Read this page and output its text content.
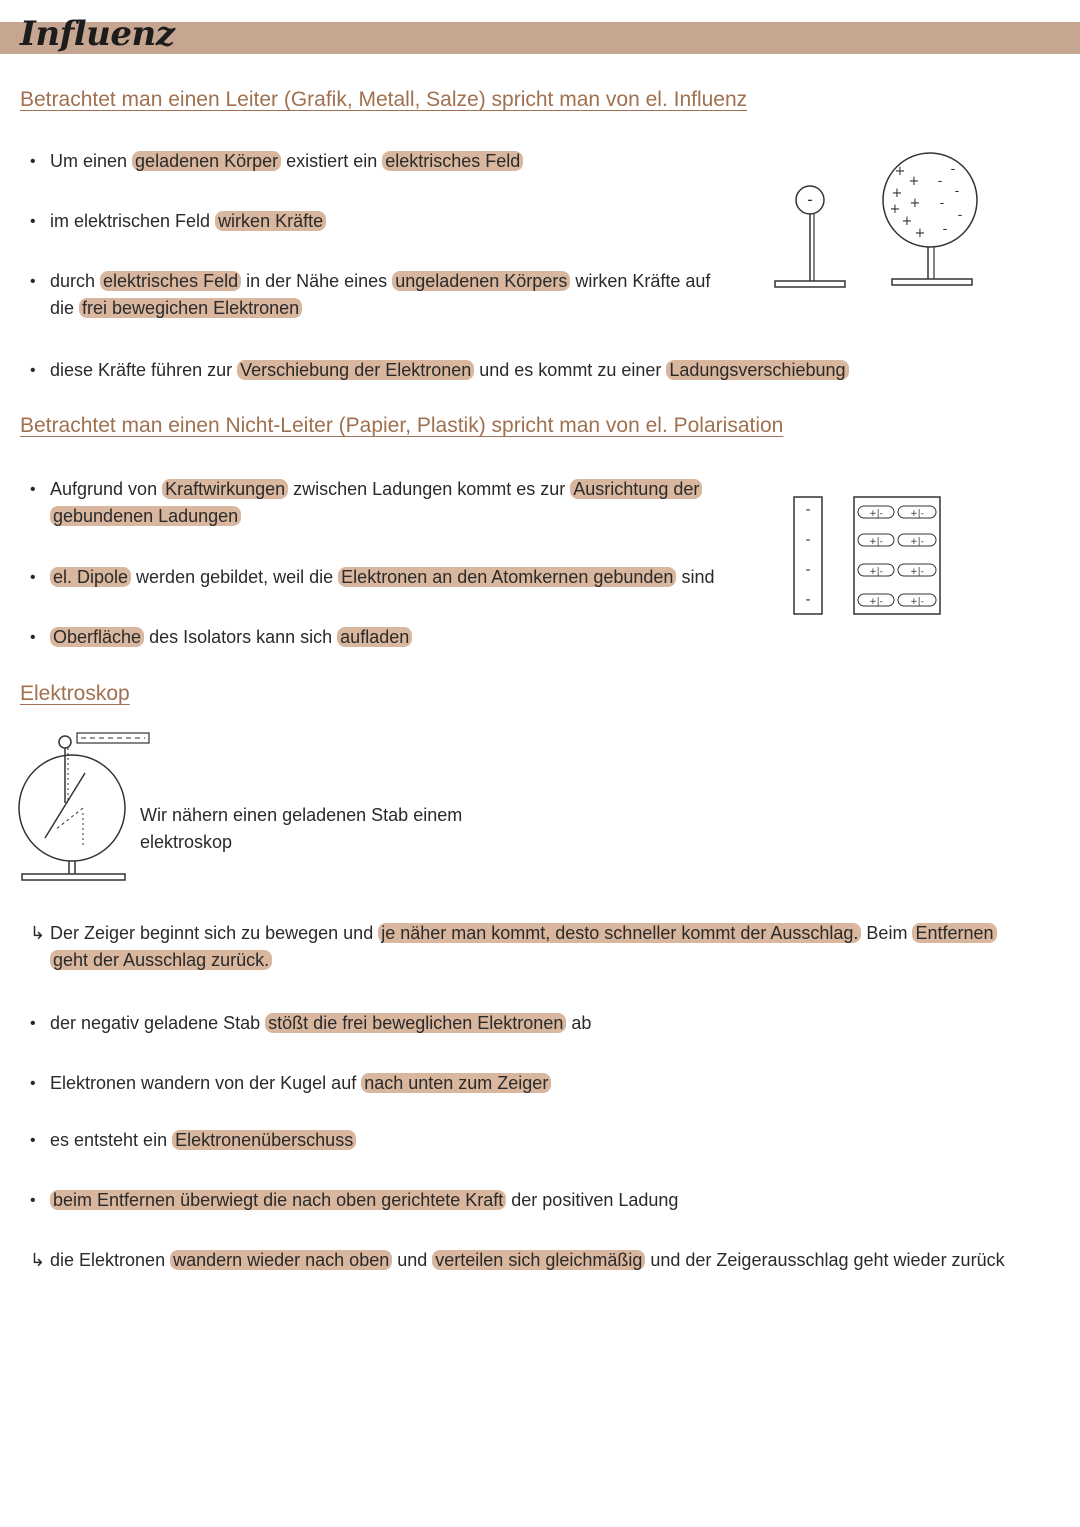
Influenz
Betrachtet man einen Leiter (Grafik, Metall, Salze) spricht man von el. Influenz
• Um einen geladenen Körper existiert ein elektrisches Feld
• im elektrischen Feld wirken Kräfte
• durch elektrisches Feld in der Nähe eines ungeladenen Körpers wirken Kräfte auf
die frei bewegichen Elektronen
• diese Kräfte führen zur Verschiebung der Elektronen und es kommt zu einer Ladungsverschiebung
-
+
+
+
+
+
+
+
-
-
-
-
-
-
Betrachtet man einen Nicht-Leiter (Papier, Plastik) spricht man von el. Polarisation
• Aufgrund von Kraftwirkungen zwischen Ladungen kommt es zur Ausrichtung der
gebundenen Ladungen
• el. Dipole werden gebildet, weil die Elektronen an den Atomkernen gebunden sind
• Oberfläche des Isolators kann sich aufladen
-
-
-
-
+|-	+|-
+|-	+|-
+|-	+|-
+|-	+|-
Elektroskop
Wir nähern einen geladenen Stab einem elektroskop
↳ Der Zeiger beginnt sich zu bewegen und je näher man kommt, desto schneller kommt der Ausschlag. Beim Entfernen
geht der Ausschlag zurück.
• der negativ geladene Stab stößt die frei beweglichen Elektronen ab
• Elektronen wandern von der Kugel auf nach unten zum Zeiger
• es entsteht ein Elektronenüberschuss
• beim Entfernen überwiegt die nach oben gerichtete Kraft der positiven Ladung
↳ die Elektronen wandern wieder nach oben und verteilen sich gleichmäßig und der Zeigerausschlag geht wieder zurück
